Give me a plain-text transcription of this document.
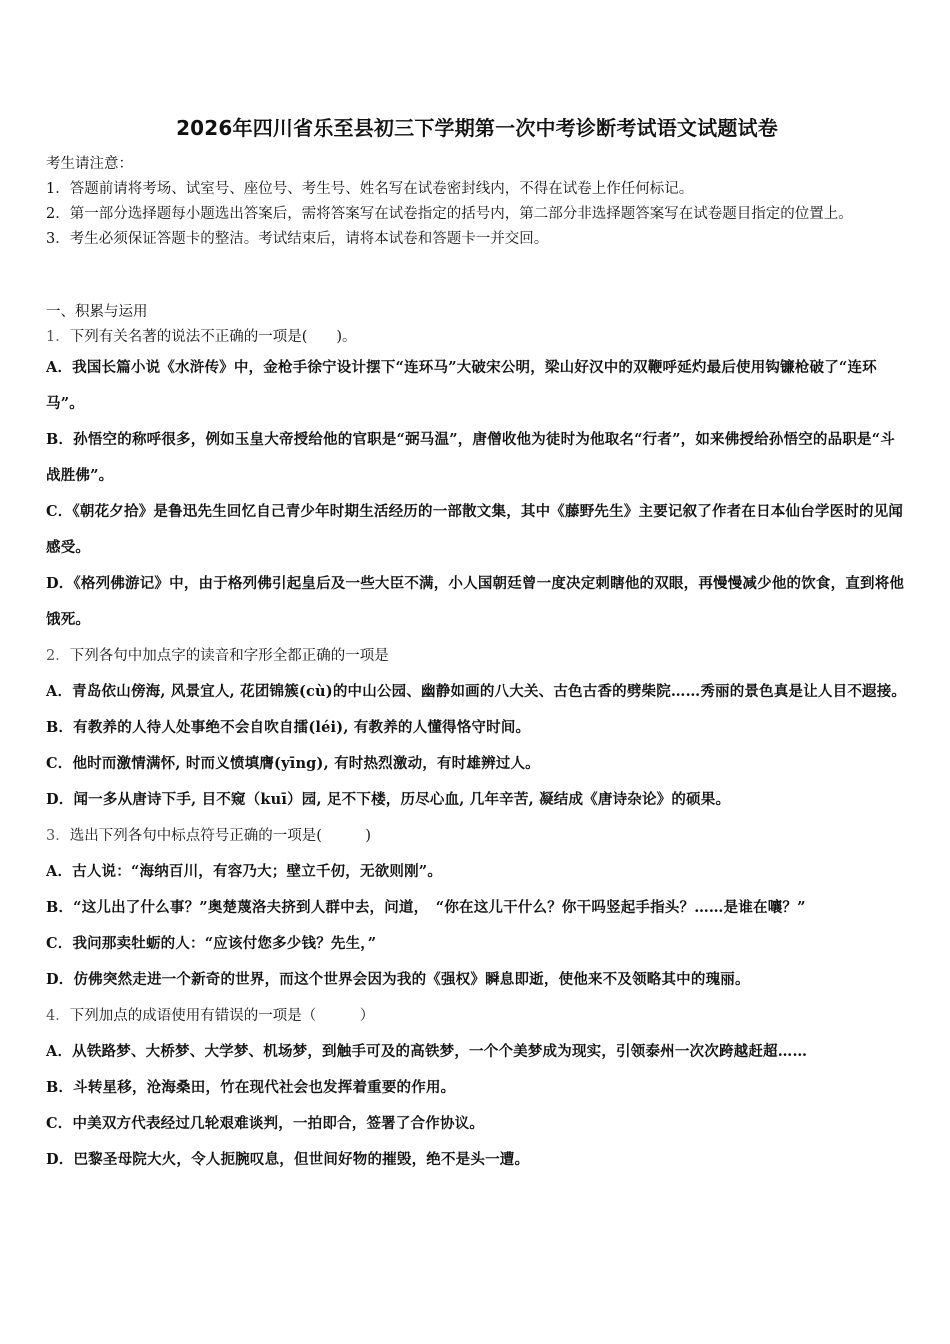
2026年四川省乐至县初三下学期第一次中考诊断考试语文试题试卷

考生请注意：

1．答题前请将考场、试室号、座位号、考生号、姓名写在试卷密封线内，不得在试卷上作任何标记。

2．第一部分选择题每小题选出答案后，需将答案写在试卷指定的括号内，第二部分非选择题答案写在试卷题目指定的位置上。

3．考生必须保证答题卡的整洁。考试结束后，请将本试卷和答题卡一并交回。

一、积累与运用

1．下列有关名著的说法不正确的一项是(　　)。

A．我国长篇小说《水浒传》中，金枪手徐宁设计摆下“连环马”大破宋公明，梁山好汉中的双鞭呼延灼最后使用钩镰枪破了“连环马”。

B．孙悟空的称呼很多，例如玉皇大帝授给他的官职是“弼马温”，唐僧收他为徒时为他取名“行者”，如来佛授给孙悟空的品职是“斗战胜佛”。

C．《朝花夕拾》是鲁迅先生回忆自己青少年时期生活经历的一部散文集，其中《藤野先生》主要记叙了作者在日本仙台学医时的见闻感受。

D．《格列佛游记》中，由于格列佛引起皇后及一些大臣不满，小人国朝廷曾一度决定刺瞎他的双眼，再慢慢减少他的饮食，直到将他饿死。

2．下列各句中加点字的读音和字形全都正确的一项是

A．青岛依山傍海, 风景宜人, 花团锦簇(cù)的中山公园、幽静如画的八大关、古色古香的劈柴院……秀丽的景色真是让人目不遐接。

B．有教养的人待人处事绝不会自吹自擂(léi), 有教养的人懂得恪守时间。

C．他时而激情满怀, 时而义愤填膺(yīng), 有时热烈激动，有时雄辨过人。

D．闻一多从唐诗下手, 目不窥（kuī）园, 足不下楼，历尽心血, 几年辛苦, 凝结成《唐诗杂论》的硕果。

3．选出下列各句中标点符号正确的一项是(　　　)

A．古人说：“海纳百川，有容乃大；壁立千仞，无欲则刚”。

B．“这儿出了什么事？”奥楚蔑洛夫挤到人群中去，问道，　“你在这儿干什么？你干吗竖起手指头？……是谁在嚷？”

C．我问那卖牡蛎的人：“应该付您多少钱？先生，”

D．仿佛突然走进一个新奇的世界，而这个世界会因为我的《强权》瞬息即逝，使他来不及领略其中的瑰丽。

4．下列加点的成语使用有错误的一项是（　　　）

A．从铁路梦、大桥梦、大学梦、机场梦，到触手可及的高铁梦，一个个美梦成为现实，引领泰州一次次跨越赶超……

B．斗转星移，沧海桑田，竹在现代社会也发挥着重要的作用。

C．中美双方代表经过几轮艰难谈判，一拍即合，签署了合作协议。

D．巴黎圣母院大火，令人扼腕叹息，但世间好物的摧毁，绝不是头一遭。
